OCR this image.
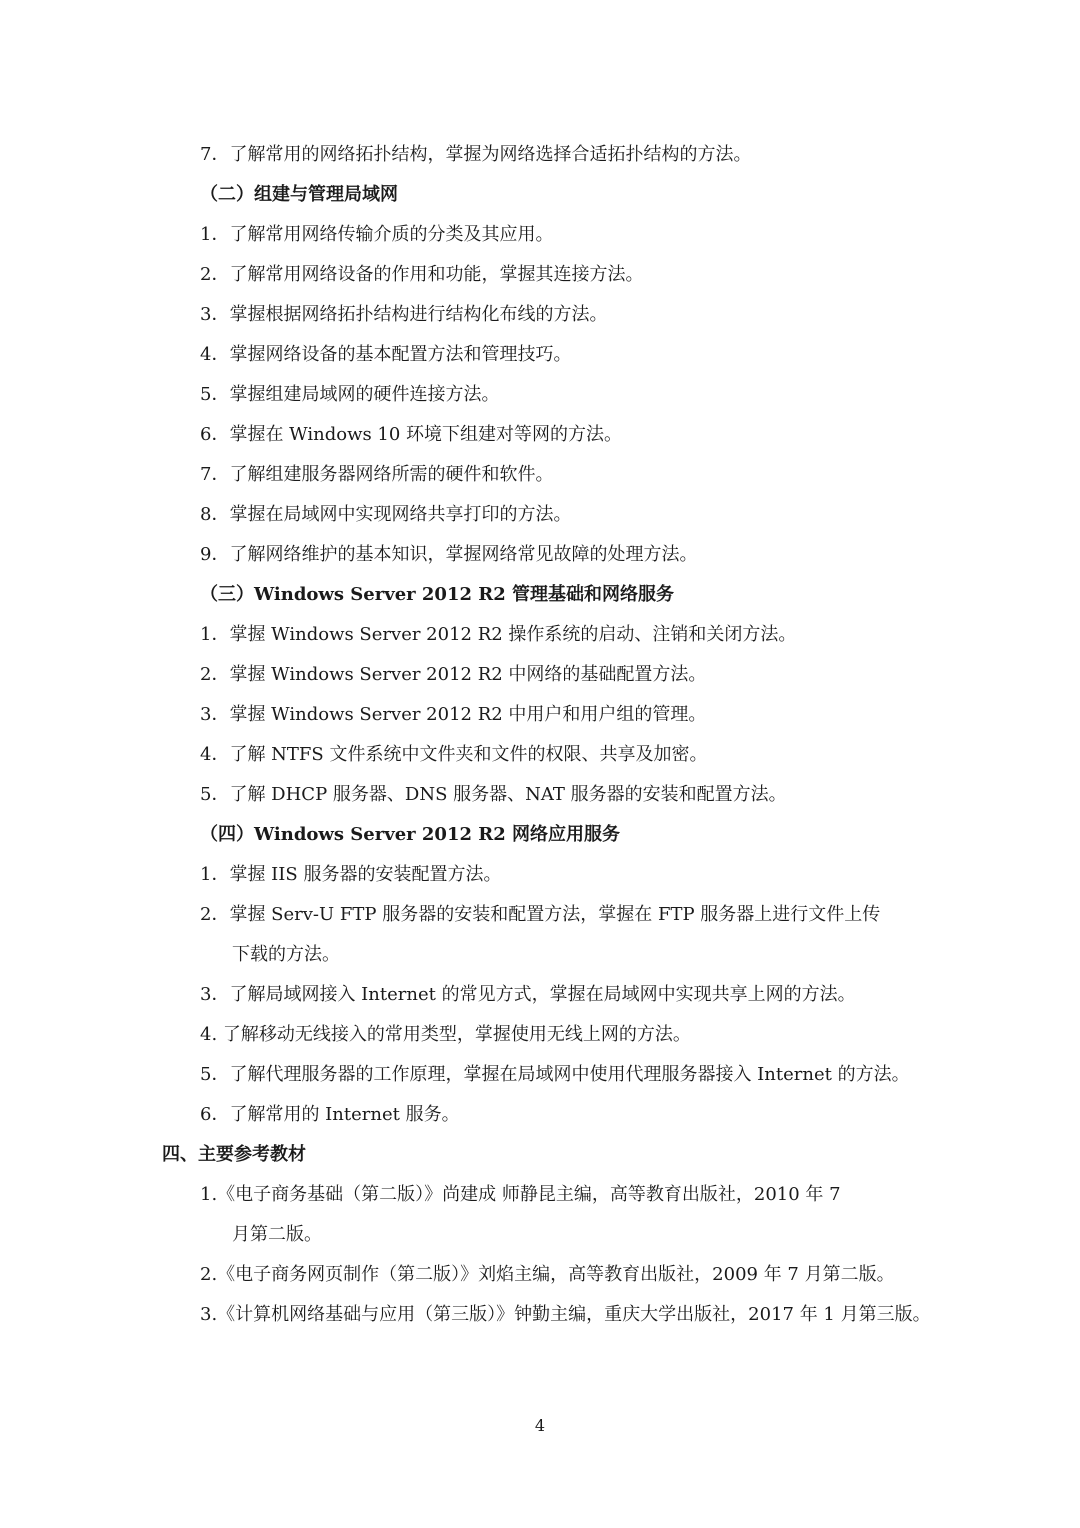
7．了解常用的网络拓扑结构，掌握为网络选择合适拓扑结构的方法。
（二）组建与管理局域网
1．了解常用网络传输介质的分类及其应用。
2．了解常用网络设备的作用和功能，掌握其连接方法。
3．掌握根据网络拓扑结构进行结构化布线的方法。
4．掌握网络设备的基本配置方法和管理技巧。
5．掌握组建局域网的硬件连接方法。
6．掌握在 Windows 10 环境下组建对等网的方法。
7．了解组建服务器网络所需的硬件和软件。
8．掌握在局域网中实现网络共享打印的方法。
9．了解网络维护的基本知识，掌握网络常见故障的处理方法。
（三）Windows Server 2012 R2 管理基础和网络服务
1．掌握 Windows Server 2012 R2 操作系统的启动、注销和关闭方法。
2．掌握 Windows Server 2012 R2 中网络的基础配置方法。
3．掌握 Windows Server 2012 R2 中用户和用户组的管理。
4．了解 NTFS 文件系统中文件夹和文件的权限、共享及加密。
5．了解 DHCP 服务器、DNS 服务器、NAT 服务器的安装和配置方法。
（四）Windows Server 2012 R2 网络应用服务
1．掌握 IIS 服务器的安装配置方法。
2．掌握 Serv-U FTP 服务器的安装和配置方法，掌握在 FTP 服务器上进行文件上传
下载的方法。
3．了解局域网接入 Internet 的常见方式，掌握在局域网中实现共享上网的方法。
4. 了解移动无线接入的常用类型，掌握使用无线上网的方法。
5．了解代理服务器的工作原理，掌握在局域网中使用代理服务器接入 Internet 的方法。
6．了解常用的 Internet 服务。
四、主要参考教材
1.《电子商务基础（第二版）》尚建成 师静昆主编，高等教育出版社，2010 年 7
月第二版。
2.《电子商务网页制作（第二版）》刘焰主编，高等教育出版社，2009 年 7 月第二版。
3.《计算机网络基础与应用（第三版）》钟勤主编，重庆大学出版社，2017 年 1 月第三版。
4
